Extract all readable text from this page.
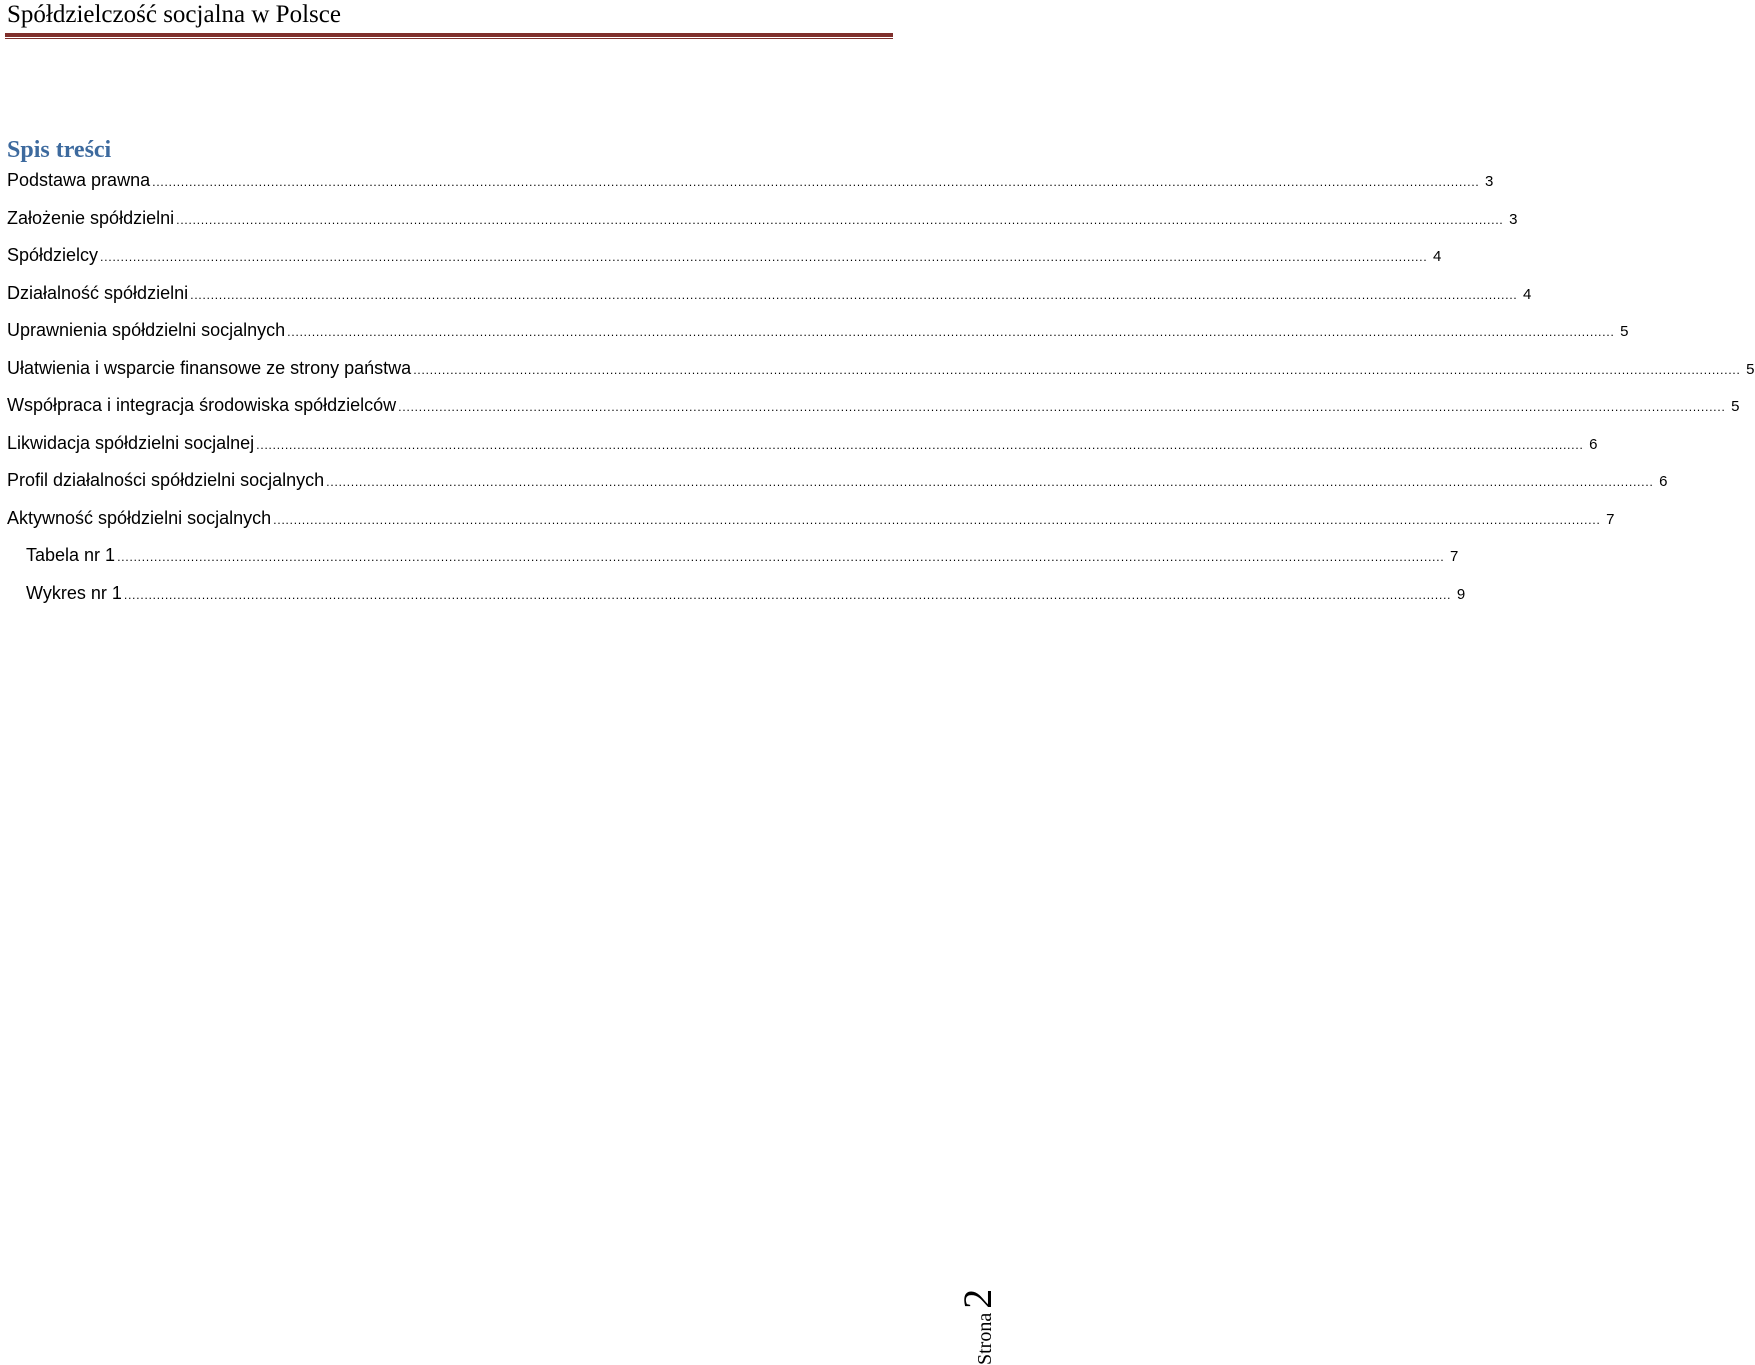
Spółdzielczość socjalna w Polsce
Spis treści
Podstawa prawna .....	3
Założenie spółdzielni .....	3
Spółdzielcy .....	4
Działalność spółdzielni .....	4
Uprawnienia spółdzielni socjalnych .....	5
Ułatwienia i wsparcie finansowe ze strony państwa .....	5
Współpraca i integracja środowiska spółdzielców .....	5
Likwidacja spółdzielni socjalnej .....	6
Profil działalności spółdzielni socjalnych .....	6
Aktywność spółdzielni socjalnych .....	7
Tabela nr 1 .....	7
Wykres nr 1 .....	9
Strona
2
